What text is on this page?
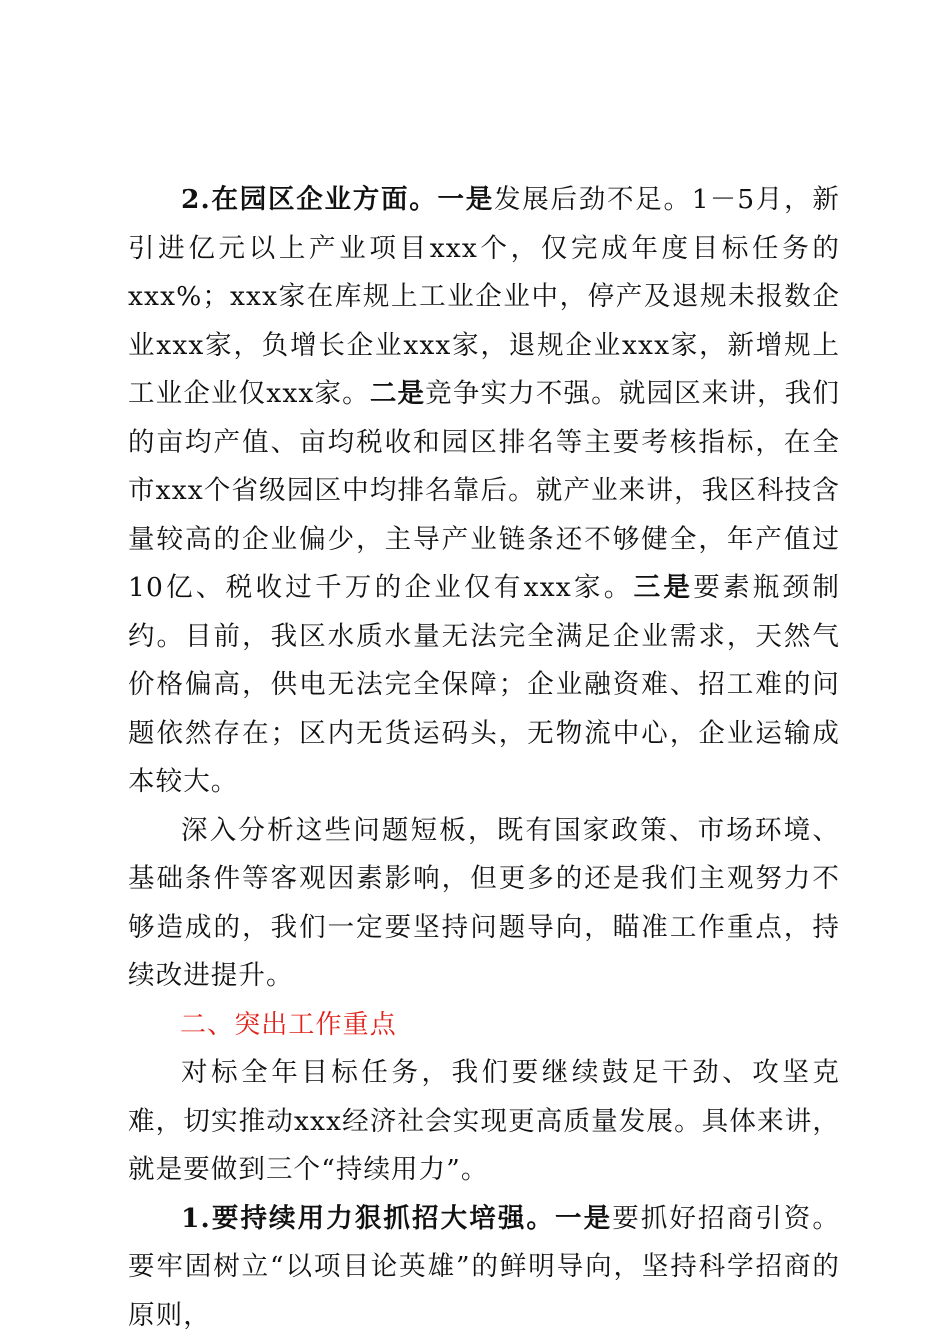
2.在园区企业方面。一是发展后劲不足。1－5月，新引进亿元以上产业项目xxx个，仅完成年度目标任务的xxx%；xxx家在库规上工业企业中，停产及退规未报数企业xxx家，负增长企业xxx家，退规企业xxx家，新增规上工业企业仅xxx家。二是竞争实力不强。就园区来讲，我们的亩均产值、亩均税收和园区排名等主要考核指标，在全市xxx个省级园区中均排名靠后。就产业来讲，我区科技含量较高的企业偏少，主导产业链条还不够健全，年产值过10亿、税收过千万的企业仅有xxx家。三是要素瓶颈制约。目前，我区水质水量无法完全满足企业需求，天然气价格偏高，供电无法完全保障；企业融资难、招工难的问题依然存在；区内无货运码头，无物流中心，企业运输成本较大。

深入分析这些问题短板，既有国家政策、市场环境、基础条件等客观因素影响，但更多的还是我们主观努力不够造成的，我们一定要坚持问题导向，瞄准工作重点，持续改进提升。

二、突出工作重点

对标全年目标任务，我们要继续鼓足干劲、攻坚克难，切实推动xxx经济社会实现更高质量发展。具体来讲，就是要做到三个“持续用力”。

1.要持续用力狠抓招大培强。一是要抓好招商引资。要牢固树立“以项目论英雄”的鲜明导向，坚持科学招商的原则，
